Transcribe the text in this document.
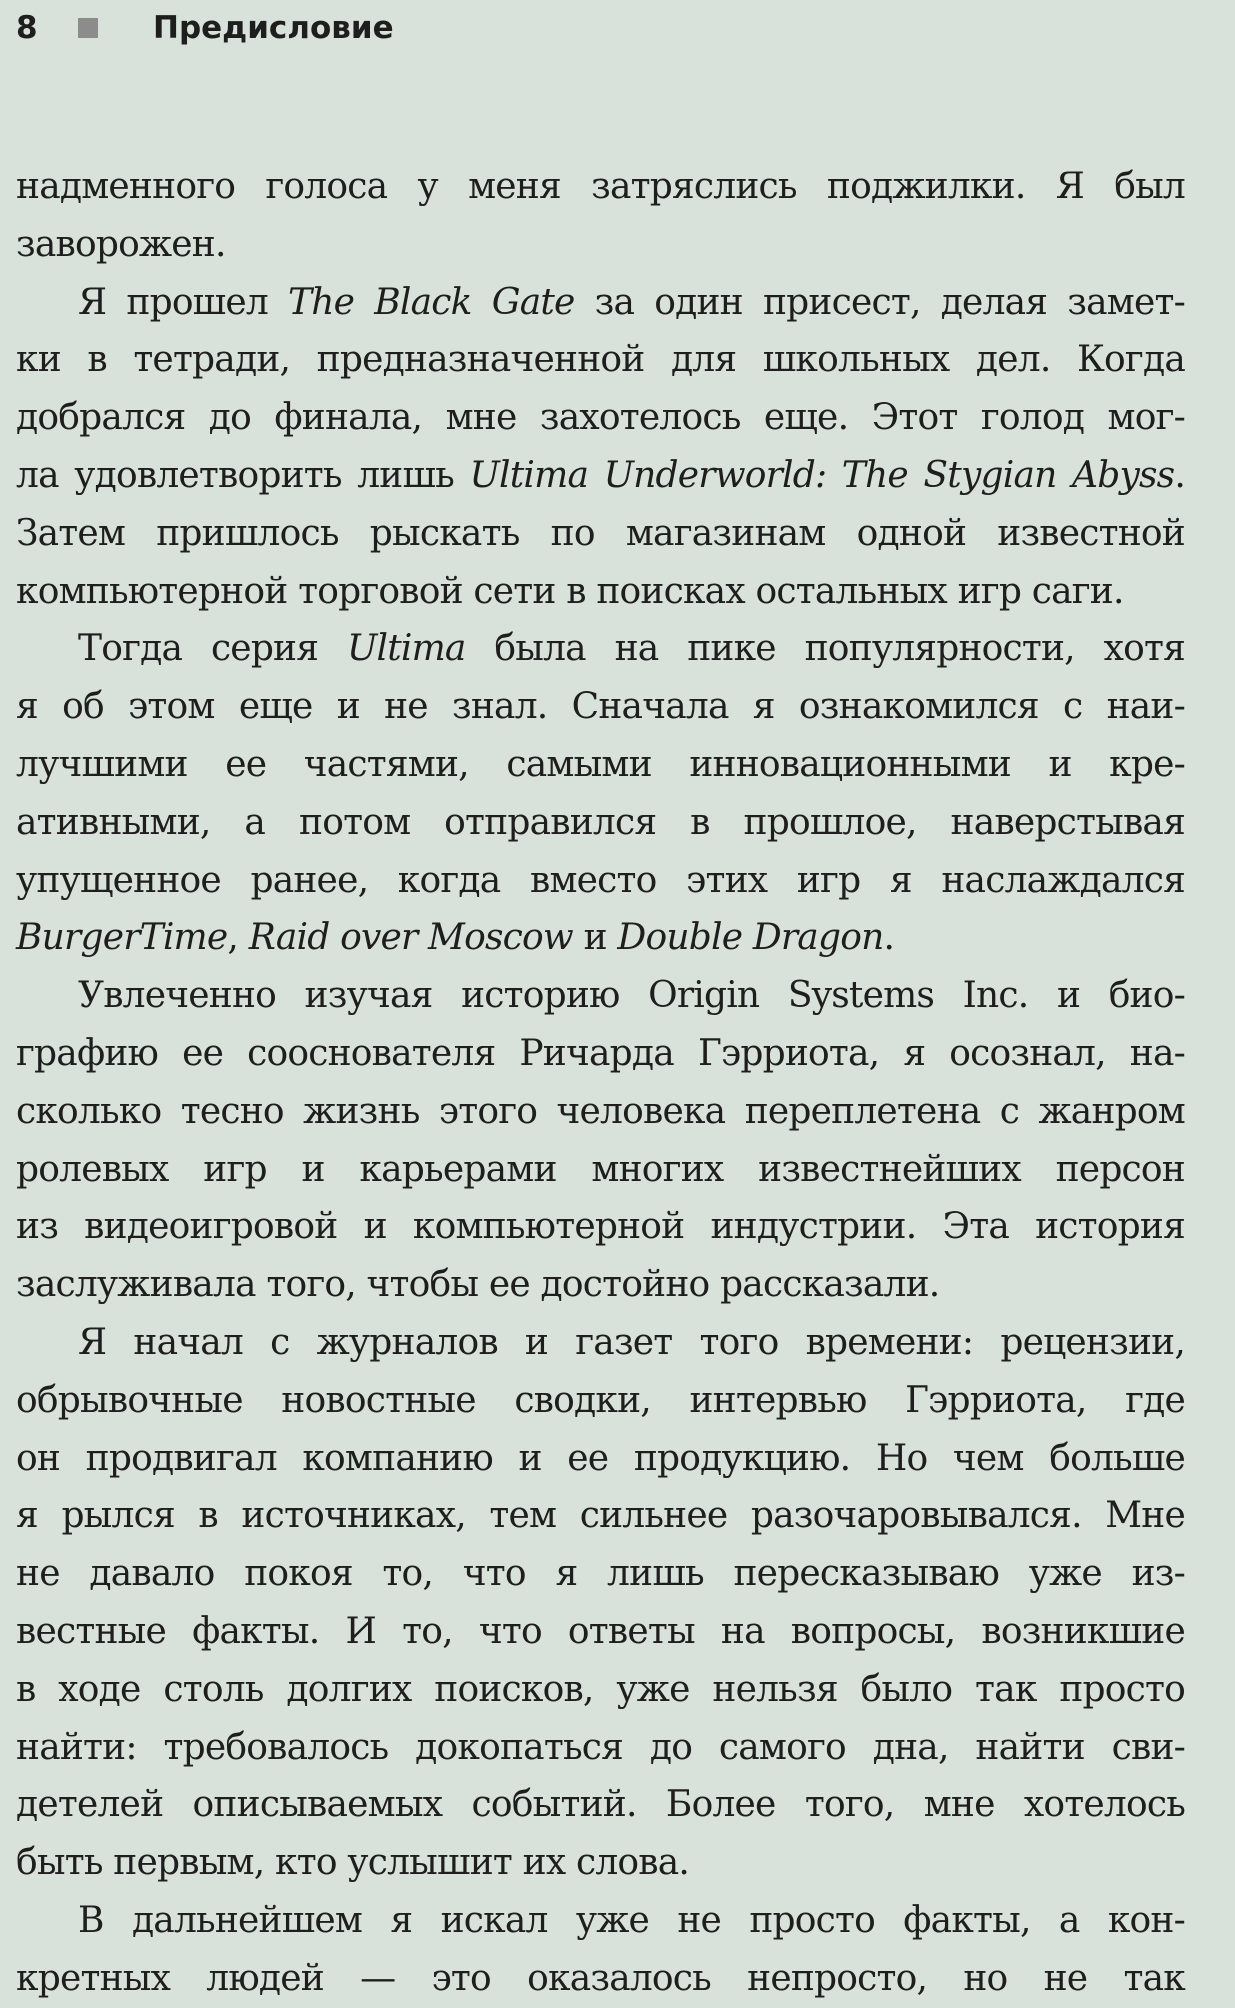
8	Предисловие
надменного голоса у меня затряслись поджилки. Я был
заворожен.
Я прошел The Black Gate за один присест, делая замет-
ки в тетради, предназначенной для школьных дел. Когда
добрался до финала, мне захотелось еще. Этот голод мог-
ла удовлетворить лишь Ultima Underworld: The Stygian Abyss.
Затем пришлось рыскать по магазинам одной известной
компьютерной торговой сети в поисках остальных игр саги.
Тогда серия Ultima была на пике популярности, хотя
я об этом еще и не знал. Сначала я ознакомился с наи-
лучшими ее частями, самыми инновационными и кре-
ативными, а потом отправился в прошлое, наверстывая
упущенное ранее, когда вместо этих игр я наслаждался
BurgerTime, Raid over Moscow и Double Dragon.
Увлеченно изучая историю Origin Systems Inc. и био-
графию ее сооснователя Ричарда Гэрриота, я осознал, на-
сколько тесно жизнь этого человека переплетена с жанром
ролевых игр и карьерами многих известнейших персон
из видеоигровой и компьютерной индустрии. Эта история
заслуживала того, чтобы ее достойно рассказали.
Я начал с журналов и газет того времени: рецензии,
обрывочные новостные сводки, интервью Гэрриота, где
он продвигал компанию и ее продукцию. Но чем больше
я рылся в источниках, тем сильнее разочаровывался. Мне
не давало покоя то, что я лишь пересказываю уже из-
вестные факты. И то, что ответы на вопросы, возникшие
в ходе столь долгих поисков, уже нельзя было так просто
найти: требовалось докопаться до самого дна, найти сви-
детелей описываемых событий. Более того, мне хотелось
быть первым, кто услышит их слова.
В дальнейшем я искал уже не просто факты, а кон-
кретных людей — это оказалось непросто, но не так
